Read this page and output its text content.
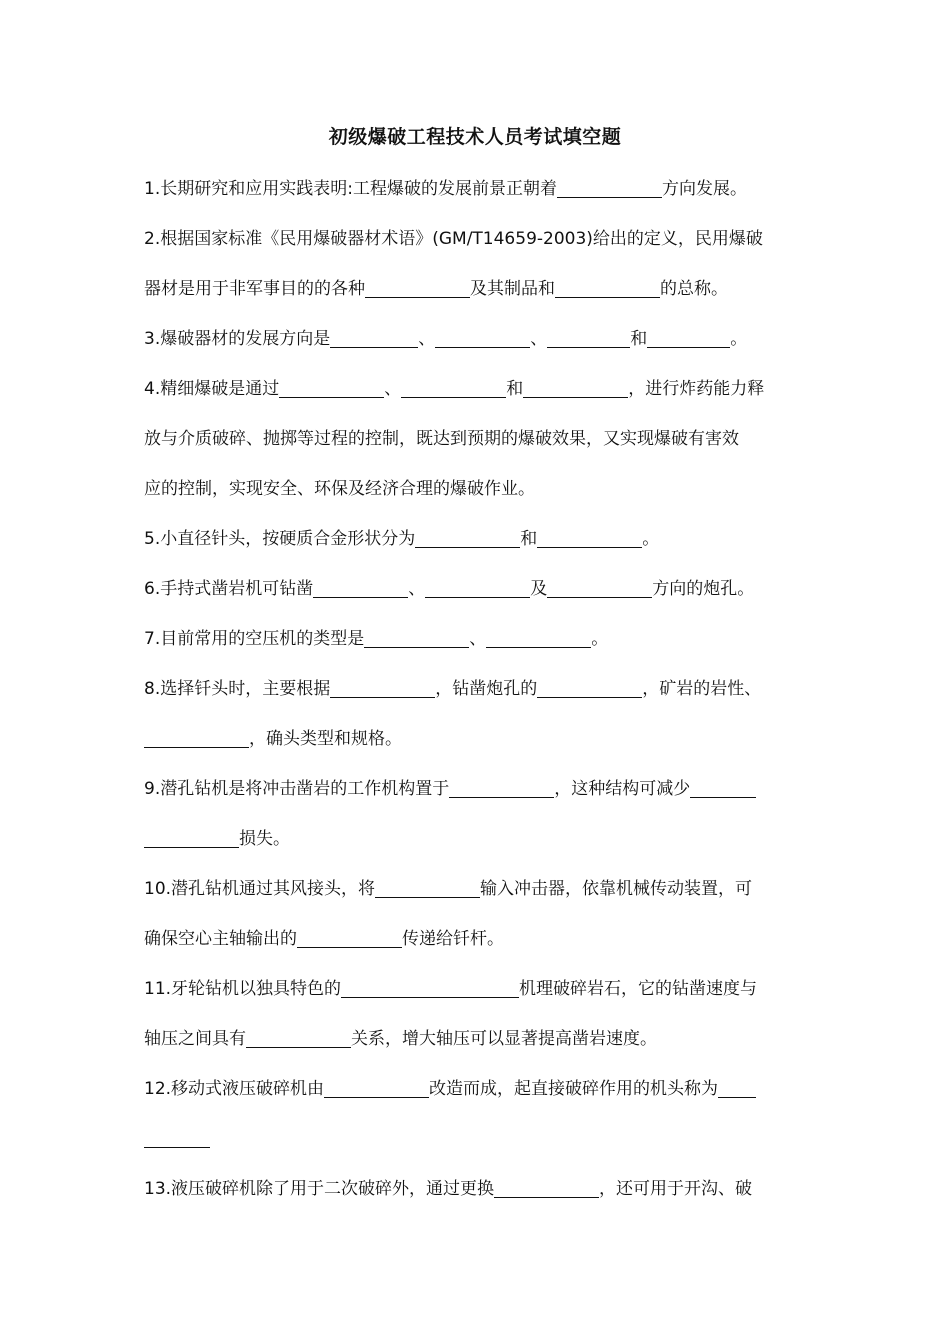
初级爆破工程技术人员考试填空题
1.长期研究和应用实践表明:工程爆破的发展前景正朝着	方向发展。
2.根据国家标准《民用爆破器材术语》(GM/T14659-2003)给出的定义，民用爆破
器材是用于非军事目的的各种	及其制品和	的总称。
3.爆破器材的发展方向是	、	、	和	。
4.精细爆破是通过	、	和	，进行炸药能力释
放与介质破碎、抛掷等过程的控制，既达到预期的爆破效果，又实现爆破有害效
应的控制，实现安全、环保及经济合理的爆破作业。
5.小直径针头，按硬质合金形状分为	和	。
6.手持式凿岩机可钻凿	、	及	方向的炮孔。
7.目前常用的空压机的类型是	、	。
8.选择钎头时，主要根据	，钻凿炮孔的	，矿岩的岩性、
，确头类型和规格。
9.潜孔钻机是将冲击凿岩的工作机构置于	，这种结构可减少
损失。
10.潜孔钻机通过其风接头，将	输入冲击器，依靠机械传动装置，可
确保空心主轴输出的	传递给钎杆。
11.牙轮钻机以独具特色的	机理破碎岩石，它的钻凿速度与
轴压之间具有	关系，增大轴压可以显著提高凿岩速度。
12.移动式液压破碎机由	改造而成，起直接破碎作用的机头称为
13.液压破碎机除了用于二次破碎外，通过更换	，还可用于开沟、破
